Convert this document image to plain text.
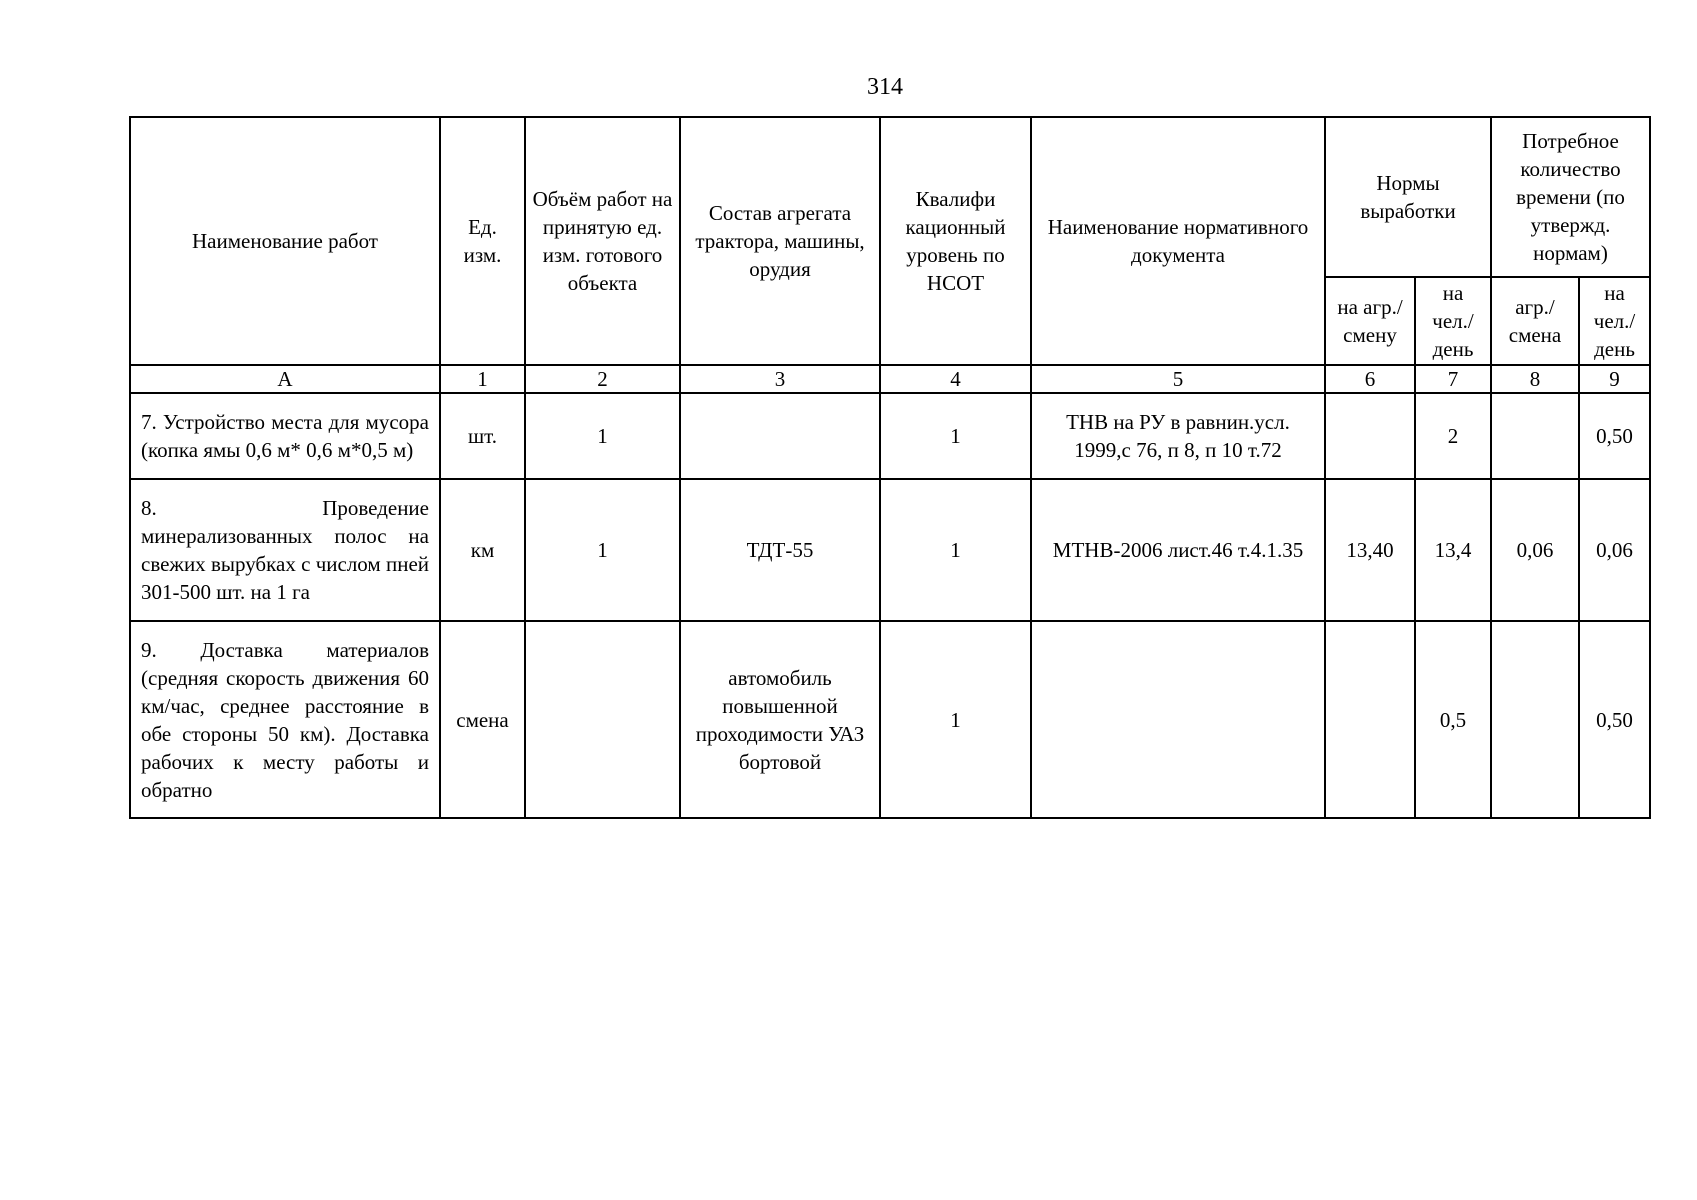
314
Наименование работ	Ед. изм.	Объём работ на принятую ед. изм. готового объекта	Состав агрегата трактора, машины, орудия	Квалифи кационный уровень по НСОТ	Наименование нормативного документа	Нормы выработки		Потребное количество времени (по утвержд. нормам)	
						на агр./ смену	на чел./ день	агр./ смена	на чел./ день
А	1	2	3	4	5	6	7	8	9
7. Устройство места для мусора (копка ямы 0,6 м* 0,6 м*0,5 м)	шт.	1		1	ТНВ на РУ в равнин.усл. 1999,с 76, п 8, п 10 т.72		2		0,50
8. Проведение минерализованных полос на свежих вырубках с числом пней 301-500 шт. на 1 га	км	1	ТДТ-55	1	МТНВ-2006 лист.46 т.4.1.35	13,40	13,4	0,06	0,06
9. Доставка материалов (средняя скорость движения 60 км/час, среднее расстояние в обе стороны 50 км). Доставка рабочих к месту работы и обратно	смена		автомобиль повышенной проходимости УАЗ бортовой	1			0,5		0,50
